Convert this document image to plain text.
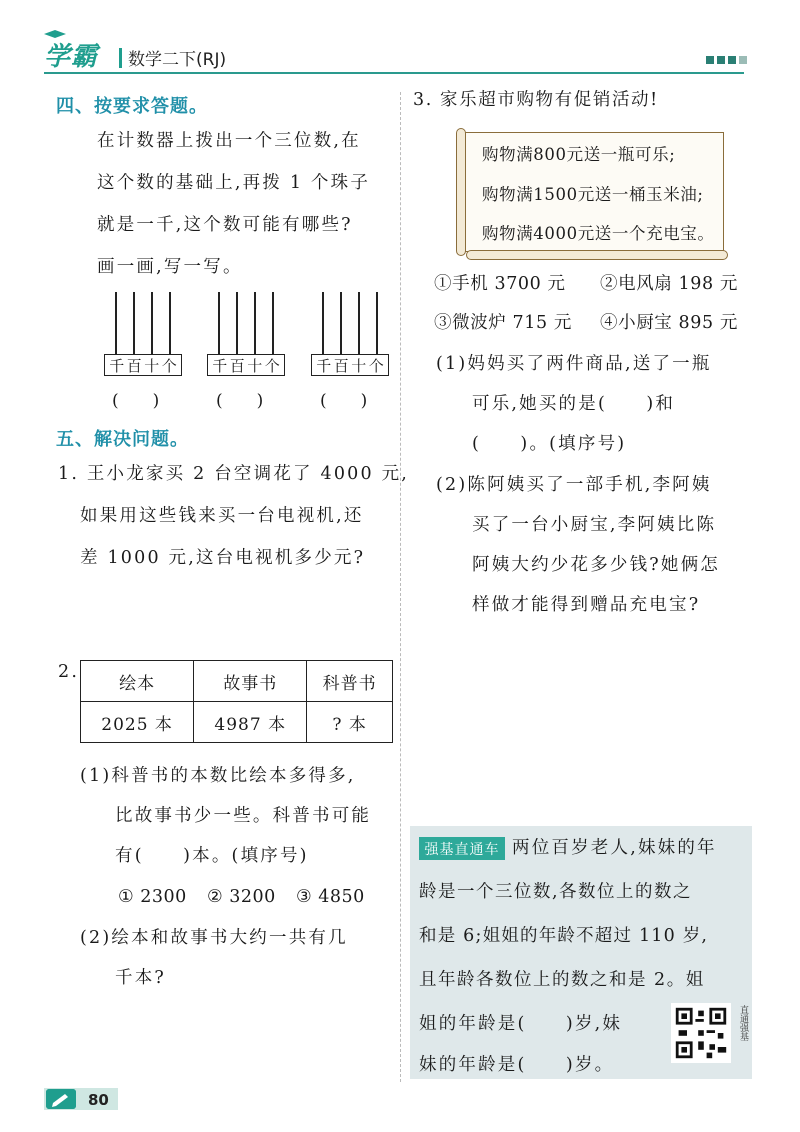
学霸 数学二下(RJ)
四、按要求答题。
在计数器上拨出一个三位数,在
这个数的基础上,再拨 1 个珠子
就是一千,这个数可能有哪些?
画一画,写一写。
千 百 十 个 千 百 十 个 千 百 十 个
(　　)	(　　)	(　　)
五、解决问题。
1. 王小龙家买 2 台空调花了 4000 元,
如果用这些钱来买一台电视机,还
差 1000 元,这台电视机多少元?
2.
绘本	故事书	科普书
2025 本	4987 本	? 本
(1)科普书的本数比绘本多得多,
比故事书少一些。科普书可能
有(　　)本。(填序号)
① 2300 ② 3200 ③ 4850
(2)绘本和故事书大约一共有几
千本?
3. 家乐超市购物有促销活动!
购物满800元送一瓶可乐;
购物满1500元送一桶玉米油;
购物满4000元送一个充电宝。
①手机 3700 元 ②电风扇 198 元
③微波炉 715 元 ④小厨宝 895 元
(1)妈妈买了两件商品,送了一瓶
可乐,她买的是(　　)和
(　　)。(填序号)
(2)陈阿姨买了一部手机,李阿姨
买了一台小厨宝,李阿姨比陈
阿姨大约少花多少钱?她俩怎
样做才能得到赠品充电宝?
强基直通车 两位百岁老人,妹妹的年
龄是一个三位数,各数位上的数之
和是 6;姐姐的年龄不超过 110 岁,
且年龄各数位上的数之和是 2。姐
姐的年龄是(　　)岁,妹
妹的年龄是(　　)岁。
直通强基
80
